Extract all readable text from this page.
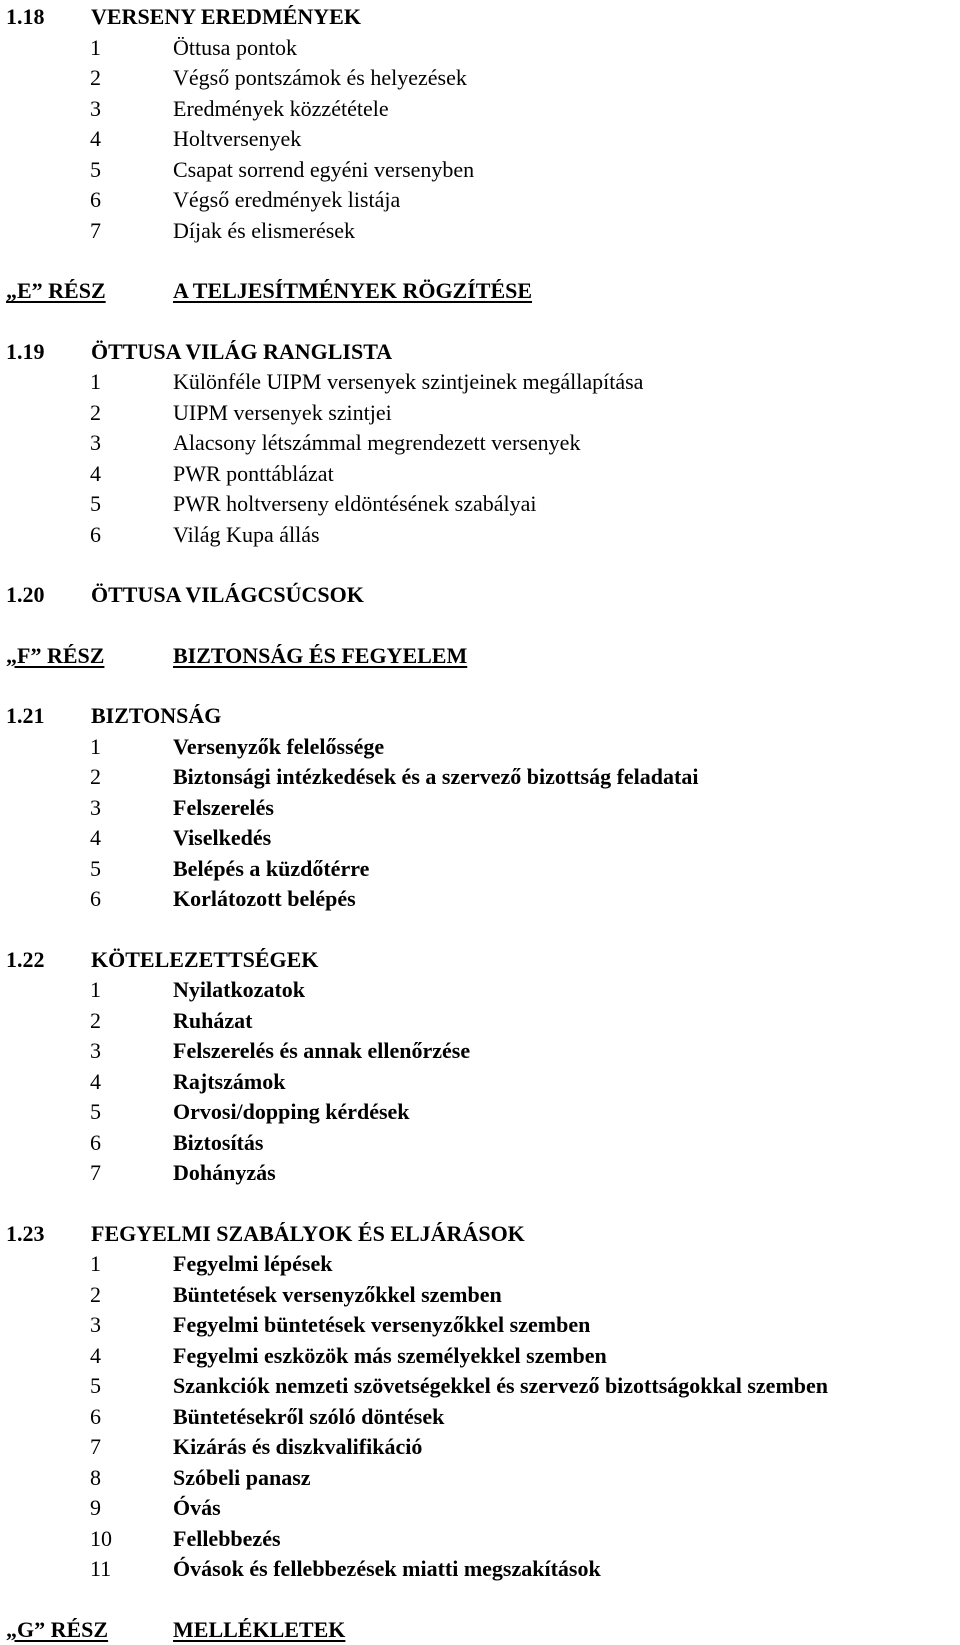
1.18 VERSENY EREDMÉNYEK
1	Öttusa pontok
2	Végső pontszámok és helyezések
3	Eredmények közzététele
4	Holtversenyek
5	Csapat sorrend egyéni versenyben
6	Végső eredmények listája
7	Díjak és elismerések
„E” RÉSZ	A TELJESÍTMÉNYEK RÖGZÍTÉSE
1.19 ÖTTUSA VILÁG RANGLISTA
1	Különféle UIPM versenyek szintjeinek megállapítása
2	UIPM versenyek szintjei
3	Alacsony létszámmal megrendezett versenyek
4	PWR ponttáblázat
5	PWR holtverseny eldöntésének szabályai
6	Világ Kupa állás
1.20 ÖTTUSA VILÁGCSÚCSOK
„F” RÉSZ	BIZTONSÁG ÉS FEGYELEM
1.21 BIZTONSÁG
1	Versenyzők felelőssége
2	Biztonsági intézkedések és a szervező bizottság feladatai
3	Felszerelés
4	Viselkedés
5	Belépés a küzdőtérre
6	Korlátozott belépés
1.22 KÖTELEZETTSÉGEK
1	Nyilatkozatok
2	Ruházat
3	Felszerelés és annak ellenőrzése
4	Rajtszámok
5	Orvosi/dopping kérdések
6	Biztosítás
7	Dohányzás
1.23 FEGYELMI SZABÁLYOK ÉS ELJÁRÁSOK
1	Fegyelmi lépések
2	Büntetések versenyzőkkel szemben
3	Fegyelmi büntetések versenyzőkkel szemben
4	Fegyelmi eszközök más személyekkel szemben
5	Szankciók nemzeti szövetségekkel és szervező bizottságokkal szemben
6	Büntetésekről szóló döntések
7	Kizárás és diszkvalifikáció
8	Szóbeli panasz
9	Óvás
10	Fellebbezés
11	Óvások és fellebbezések miatti megszakítások
„G” RÉSZ	MELLÉKLETEK
